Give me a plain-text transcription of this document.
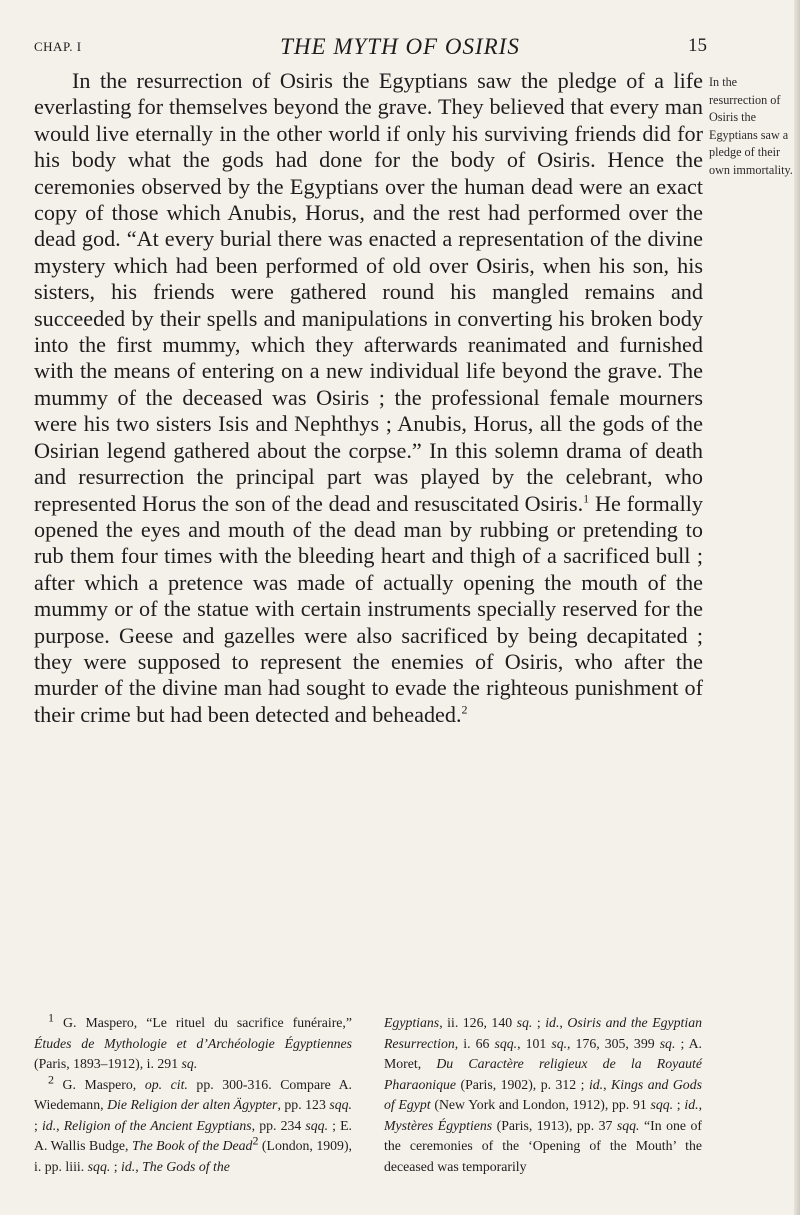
CHAP. I	THE MYTH OF OSIRIS	15

In the resurrection of Osiris the Egyptians saw the pledge of a life everlasting for themselves beyond the grave. They believed that every man would live eternally in the other world if only his surviving friends did for his body what the gods had done for the body of Osiris. Hence the ceremonies observed by the Egyptians over the human dead were an exact copy of those which Anubis, Horus, and the rest had performed over the dead god. “At every burial there was enacted a representation of the divine mystery which had been performed of old over Osiris, when his son, his sisters, his friends were gathered round his mangled remains and succeeded by their spells and manipulations in converting his broken body into the first mummy, which they afterwards reanimated and furnished with the means of entering on a new individual life beyond the grave. The mummy of the deceased was Osiris ; the professional female mourners were his two sisters Isis and Nephthys ; Anubis, Horus, all the gods of the Osirian legend gathered about the corpse.” In this solemn drama of death and resurrection the principal part was played by the celebrant, who represented Horus the son of the dead and resuscitated Osiris.$^1$ He formally opened the eyes and mouth of the dead man by rubbing or pretending to rub them four times with the bleeding heart and thigh of a sacrificed bull ; after which a pretence was made of actually opening the mouth of the mummy or of the statue with certain instruments specially reserved for the purpose. Geese and gazelles were also sacrificed by being decapitated ; they were supposed to represent the enemies of Osiris, who after the murder of the divine man had sought to evade the righteous punishment of their crime but had been detected and beheaded.$^2$

In the resurrection of Osiris the Egyptians saw a pledge of their own immortality.

$^1$ G. Maspero, “Le rituel du sacrifice funéraire,” Études de Mythologie et d’Archéologie Égyptiennes (Paris, 1893–1912), i. 291 sq.

$^2$ G. Maspero, op. cit. pp. 300-316. Compare A. Wiedemann, Die Religion der alten Ägypter, pp. 123 sqq. ; id., Religion of the Ancient Egyptians, pp. 234 sqq. ; E. A. Wallis Budge, The Book of the Dead$^2$ (London, 1909), i. pp. liii. sqq. ; id., The Gods of the

Egyptians, ii. 126, 140 sq. ; id., Osiris and the Egyptian Resurrection, i. 66 sqq., 101 sq., 176, 305, 399 sq. ; A. Moret, Du Caractère religieux de la Royauté Pharaonique (Paris, 1902), p. 312 ; id., Kings and Gods of Egypt (New York and London, 1912), pp. 91 sqq. ; id., Mystères Égyptiens (Paris, 1913), pp. 37 sqq. “In one of the ceremonies of the ‘Opening of the Mouth’ the deceased was temporarily
